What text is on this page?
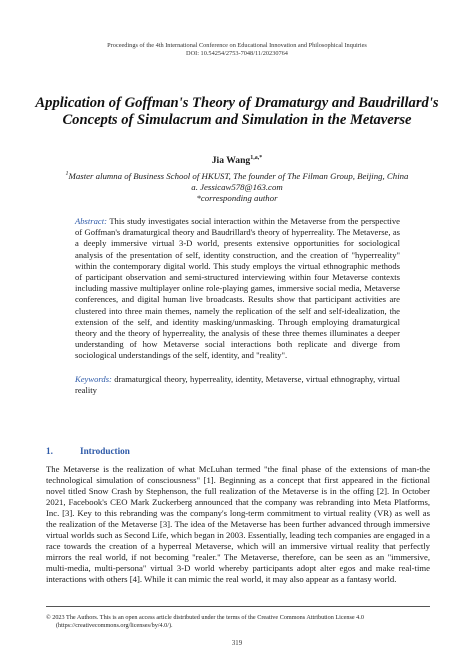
Proceedings of the 4th International Conference on Educational Innovation and Philosophical Inquiries
DOI: 10.54254/2753-7048/11/20230764
Application of Goffman's Theory of Dramaturgy and Baudrillard's Concepts of Simulacrum and Simulation in the Metaverse
Jia Wang$^{1,a,*}$
$^1$Master alumna of Business School of HKUST, The founder of The Filman Group, Beijing, China
a. Jessicaw578@163.com
*corresponding author
Abstract: This study investigates social interaction within the Metaverse from the perspective of Goffman's dramaturgical theory and Baudrillard's theory of hyperreality. The Metaverse, as a deeply immersive virtual 3-D world, presents extensive opportunities for sociological analysis of the presentation of self, identity construction, and the creation of "hyperreality" within the contemporary digital world. This study employs the virtual ethnographic methods of participant observation and semi-structured interviewing within four Metaverse contexts including massive multiplayer online role-playing games, immersive social media, Metaverse conferences, and digital human live broadcasts. Results show that participant activities are clustered into three main themes, namely the replication of the self and self-idealization, the extension of the self, and identity masking/unmasking. Through employing dramaturgical theory and the theory of hyperreality, the analysis of these three themes illuminates a deeper understanding of how Metaverse social interactions both replicate and diverge from sociological understandings of the self, identity, and "reality".
Keywords: dramaturgical theory, hyperreality, identity, Metaverse, virtual ethnography, virtual reality
1.	Introduction
The Metaverse is the realization of what McLuhan termed "the final phase of the extensions of man-the technological simulation of consciousness" [1]. Beginning as a concept that first appeared in the fictional novel titled Snow Crash by Stephenson, the full realization of the Metaverse is in the offing [2]. In October 2021, Facebook's CEO Mark Zuckerberg announced that the company was rebranding into Meta Platforms, Inc. [3]. Key to this rebranding was the company's long-term commitment to virtual reality (VR) as well as the realization of the Metaverse [3]. The idea of the Metaverse has been further advanced through immersive virtual worlds such as Second Life, which began in 2003. Essentially, leading tech companies are engaged in a race towards the creation of a hyperreal Metaverse, which will an immersive virtual reality that perfectly mirrors the real world, if not becoming "realer." The Metaverse, therefore, can be seen as an "immersive, multi-media, multi-persona" virtual 3-D world whereby participants adopt alter egos and make real-time interactions with others [4]. While it can mimic the real world, it may also appear as a fantasy world.
© 2023 The Authors. This is an open access article distributed under the terms of the Creative Commons Attribution License 4.0
(https://creativecommons.org/licenses/by/4.0/).
319
